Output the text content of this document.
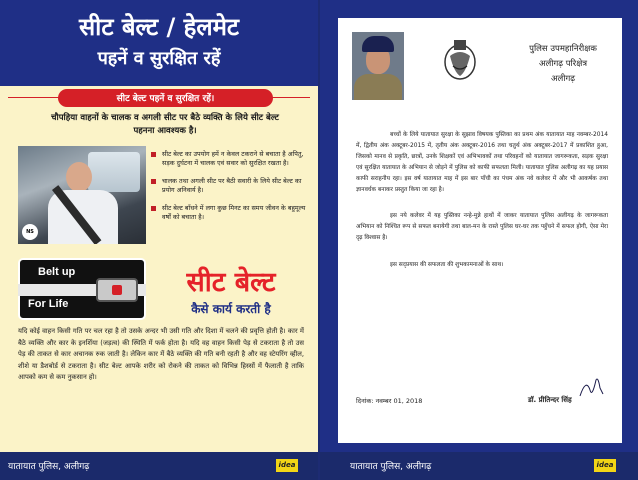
सीट बेल्ट / हेलमेट
पहनें व सुरक्षित रहें
सीट बेल्ट पहनें व सुरक्षित रहें।
चौपहिया वाहनों के चालक व अगली सीट पर बैठे व्यक्ति के लिये सीट बेल्ट पहनना आवश्यक है।
NS
सीट बेल्ट का उपयोग हमें न केवल टकराने से बचाता है अपितु, सड़क दुर्घटना में चालक एवं सवार को सुरक्षित रखता है।
चालक तथा अगली सीट पर बैठी सवारी के लिये सीट बेल्ट का प्रयोग अनिवार्य है।
सीट बेल्ट बाँधने में लगा कुछ मिनट का समय जीवन के बहुमूल्य वर्षों को बचाता है।
Belt up
For Life
सीट बेल्ट
कैसे कार्य करती है
यदि कोई वाहन किसी गति पर चल रहा है तो उसके अन्दर भी उसी गति और दिशा में चलने की प्रवृत्ति होती है। कार में बैठे व्यक्ति और कार के इनर्शिया (जड़त्व) की स्थिति में फर्क होता है। यदि वह वाहन किसी पेड़ से टकराता है तो उस पेड़ की ताकत से कार अचानक रुक जाती है। लेकिन कार में बैठे व्यक्ति की गति बनी रहती है और वह स्टेयरिंग व्हील, शीशे या डैशबोर्ड से टकराता है। सीट बेल्ट आपके शरीर को रोकने की ताकत को विभिन्न हिस्सों में फैलाती है ताकि आपको कम से कम नुकसान हो।
पुलिस उपमहानिरीक्षक
अलीगढ़ परिक्षेत्र
अलीगढ़

बच्चों के लिये यातायात सुरक्षा के सुझाव विषयक पुस्तिका का प्रथम अंक यातायात माह नवम्बर-2014 में, द्वितीय अंक अक्टूबर-2015 में, तृतीय अंक अक्टूबर-2016 तथा चतुर्थ अंक अक्टूबर-2017 में प्रकाशित हुआ, जिसको मानव से प्रकृति, छात्रों, उनके शिक्षकों एवं अभिभावकों तथा परिवहनों को यातायात जागरूकता, सड़क सुरक्षा एवं सुरक्षित यातायात के अभियान से जोड़ने में पुलिस को काफी सफलता मिली। यातायात पुलिस अलीगढ़ का यह प्रयास काफी सराहनीय रहा। इस वर्ष यातायात माह में इस बार पाँची का पंचम अंक नवे कलेवर में और भी आकर्षक तथा ज्ञानवर्धक बनाकर प्रस्तुत किया जा रहा है।

इस नये कलेवर में यह पुस्तिका नन्हे-मुन्ने हाथों में जाकर यातायात पुलिस अलीगढ़ के जागरूकता अभियान को निश्चित रूप से सफल बनायेगी तथा बाल-मन के रास्ते पुलिस घर-घर तक पहुँचने में सफल होगी, ऐसा मेरा दृढ़ विश्वास है।

इस सद्प्रयास की सफलता की शुभकामनाओं के साथ।

दिनांक: नवम्बर 01, 2018	डॉ. प्रीतिन्दर सिंह
यातायात पुलिस, अलीगढ़	idea	यातायात पुलिस, अलीगढ़	idea
